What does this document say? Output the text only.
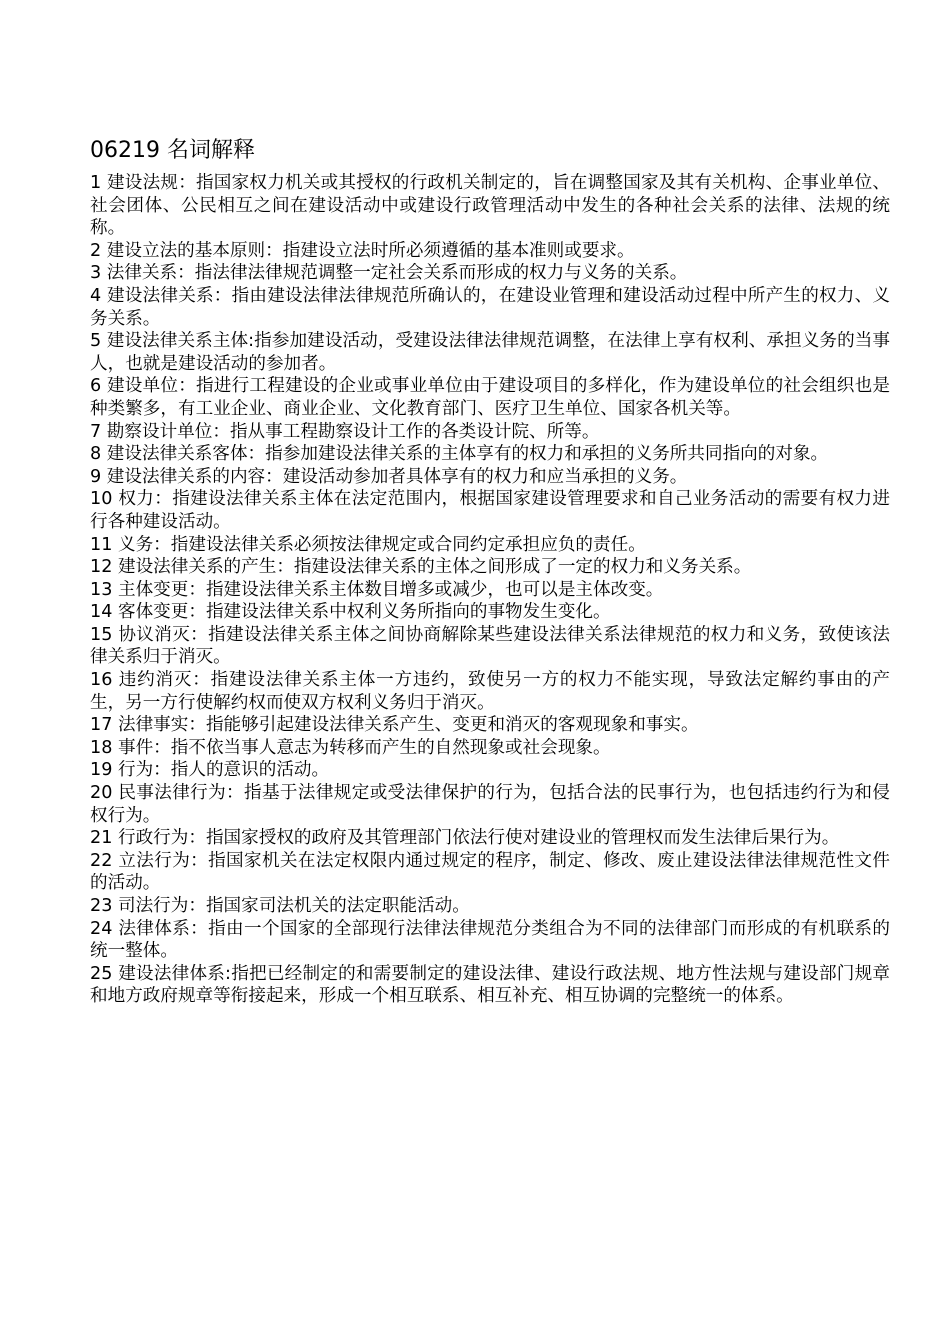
06219 名词解释

1 建设法规：指国家权力机关或其授权的行政机关制定的，旨在调整国家及其有关机构、企事业单位、社会团体、公民相互之间在建设活动中或建设行政管理活动中发生的各种社会关系的法律、法规的统称。

2 建设立法的基本原则：指建设立法时所必须遵循的基本准则或要求。

3 法律关系：指法律法律规范调整一定社会关系而形成的权力与义务的关系。

4 建设法律关系：指由建设法律法律规范所确认的，在建设业管理和建设活动过程中所产生的权力、义务关系。

5 建设法律关系主体:指参加建设活动，受建设法律法律规范调整，在法律上享有权利、承担义务的当事人，也就是建设活动的参加者。

6 建设单位：指进行工程建设的企业或事业单位由于建设项目的多样化，作为建设单位的社会组织也是种类繁多，有工业企业、商业企业、文化教育部门、医疗卫生单位、国家各机关等。

7 勘察设计单位：指从事工程勘察设计工作的各类设计院、所等。

8 建设法律关系客体：指参加建设法律关系的主体享有的权力和承担的义务所共同指向的对象。

9 建设法律关系的内容：建设活动参加者具体享有的权力和应当承担的义务。

10 权力：指建设法律关系主体在法定范围内，根据国家建设管理要求和自己业务活动的需要有权力进行各种建设活动。

11 义务：指建设法律关系必须按法律规定或合同约定承担应负的责任。

12 建设法律关系的产生：指建设法律关系的主体之间形成了一定的权力和义务关系。

13 主体变更：指建设法律关系主体数目增多或减少，也可以是主体改变。

14 客体变更：指建设法律关系中权利义务所指向的事物发生变化。

15 协议消灭：指建设法律关系主体之间协商解除某些建设法律关系法律规范的权力和义务，致使该法律关系归于消灭。

16 违约消灭：指建设法律关系主体一方违约，致使另一方的权力不能实现，导致法定解约事由的产生，另一方行使解约权而使双方权利义务归于消灭。

17 法律事实：指能够引起建设法律关系产生、变更和消灭的客观现象和事实。

18 事件：指不依当事人意志为转移而产生的自然现象或社会现象。

19 行为：指人的意识的活动。

20 民事法律行为：指基于法律规定或受法律保护的行为，包括合法的民事行为，也包括违约行为和侵权行为。

21 行政行为：指国家授权的政府及其管理部门依法行使对建设业的管理权而发生法律后果行为。

22 立法行为：指国家机关在法定权限内通过规定的程序，制定、修改、废止建设法律法律规范性文件的活动。

23 司法行为：指国家司法机关的法定职能活动。

24 法律体系：指由一个国家的全部现行法律法律规范分类组合为不同的法律部门而形成的有机联系的统一整体。

25 建设法律体系:指把已经制定的和需要制定的建设法律、建设行政法规、地方性法规与建设部门规章和地方政府规章等衔接起来，形成一个相互联系、相互补充、相互协调的完整统一的体系。
